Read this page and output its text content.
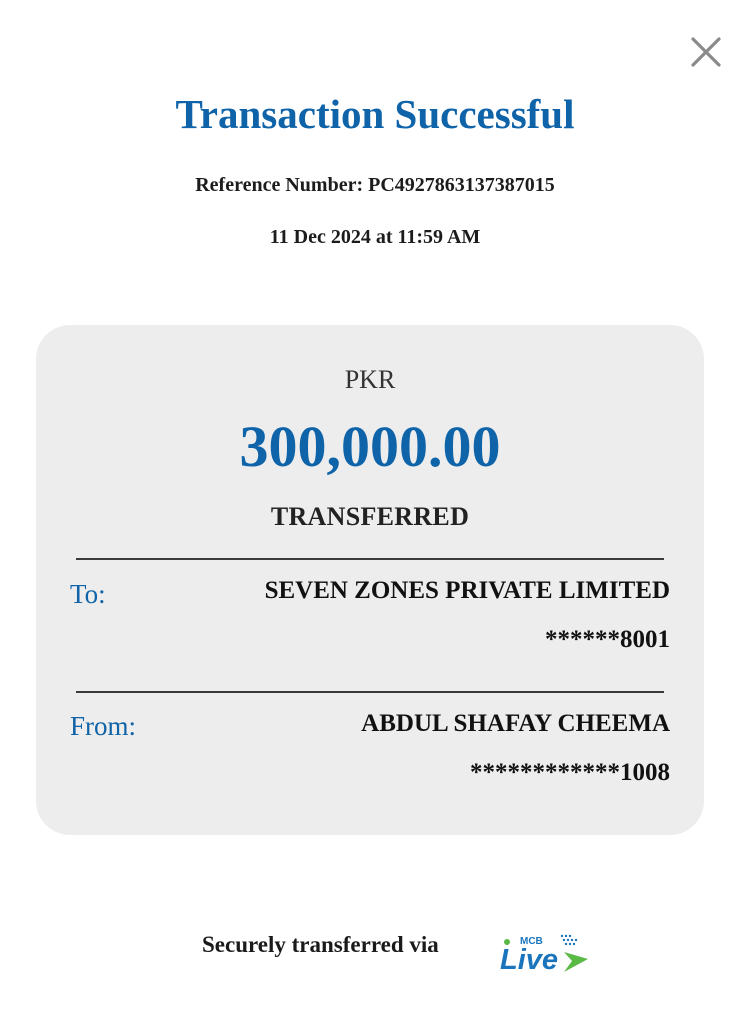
Transaction Successful
Reference Number: PC4927863137387015
11 Dec 2024 at 11:59 AM
PKR
300,000.00
TRANSFERRED
To:	SEVEN ZONES PRIVATE LIMITED
******8001
From:	ABDUL SHAFAY CHEEMA
************1008
Securely transferred via	MCB
Live
